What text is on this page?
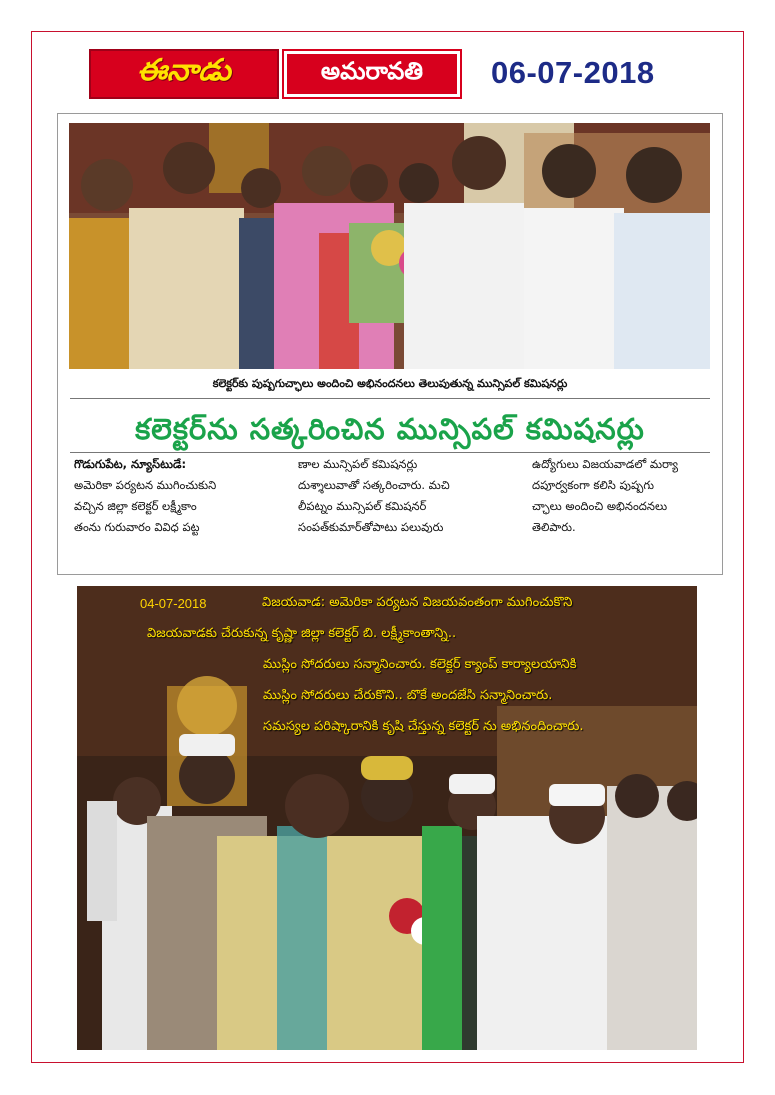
ఈనాడు	అమరావతి 06-07-2018
కలెక్టర్‌కు పుష్పగుచ్ఛాలు అందించి అభినందనలు తెలుపుతున్న మున్సిపల్ కమిషనర్లు
కలెక్టర్‌ను సత్కరించిన మున్సిపల్ కమిషనర్లు
గొడుగుపేట, న్యూస్‌టుడే:
అమెరికా పర్యటన ముగించుకుని
వచ్చిన జిల్లా కలెక్టర్ లక్ష్మీకాం
తంను గురువారం వివిధ పట్ట
ణాల మున్సిపల్ కమిషనర్లు
దుశ్శాలువాతో సత్కరించారు. మచి
లీపట్నం మున్సిపల్ కమిషనర్
సంపత్‌కుమార్‌తోపాటు పలువురు
ఉద్యోగులు విజయవాడలో మర్యా
దపూర్వకంగా కలిసి పుష్పగు
చ్ఛాలు అందించి అభినందనలు
తెలిపారు.
04-07-2018	విజయవాడ: అమెరికా పర్యటన విజయవంతంగా ముగించుకొని
విజయవాడకు చేరుకున్న కృష్ణా జిల్లా కలెక్టర్ బి. లక్ష్మీకాంతాన్ని..
ముస్లిం సోదరులు సన్మానించారు. కలెక్టర్ క్యాంప్ కార్యాలయానికి
ముస్లిం సోదరులు చేరుకొని.. బొకే అందజేసి సన్మానించారు.
సమస్యల పరిష్కారానికి కృషి చేస్తున్న కలెక్టర్ ను అభినందించారు.
